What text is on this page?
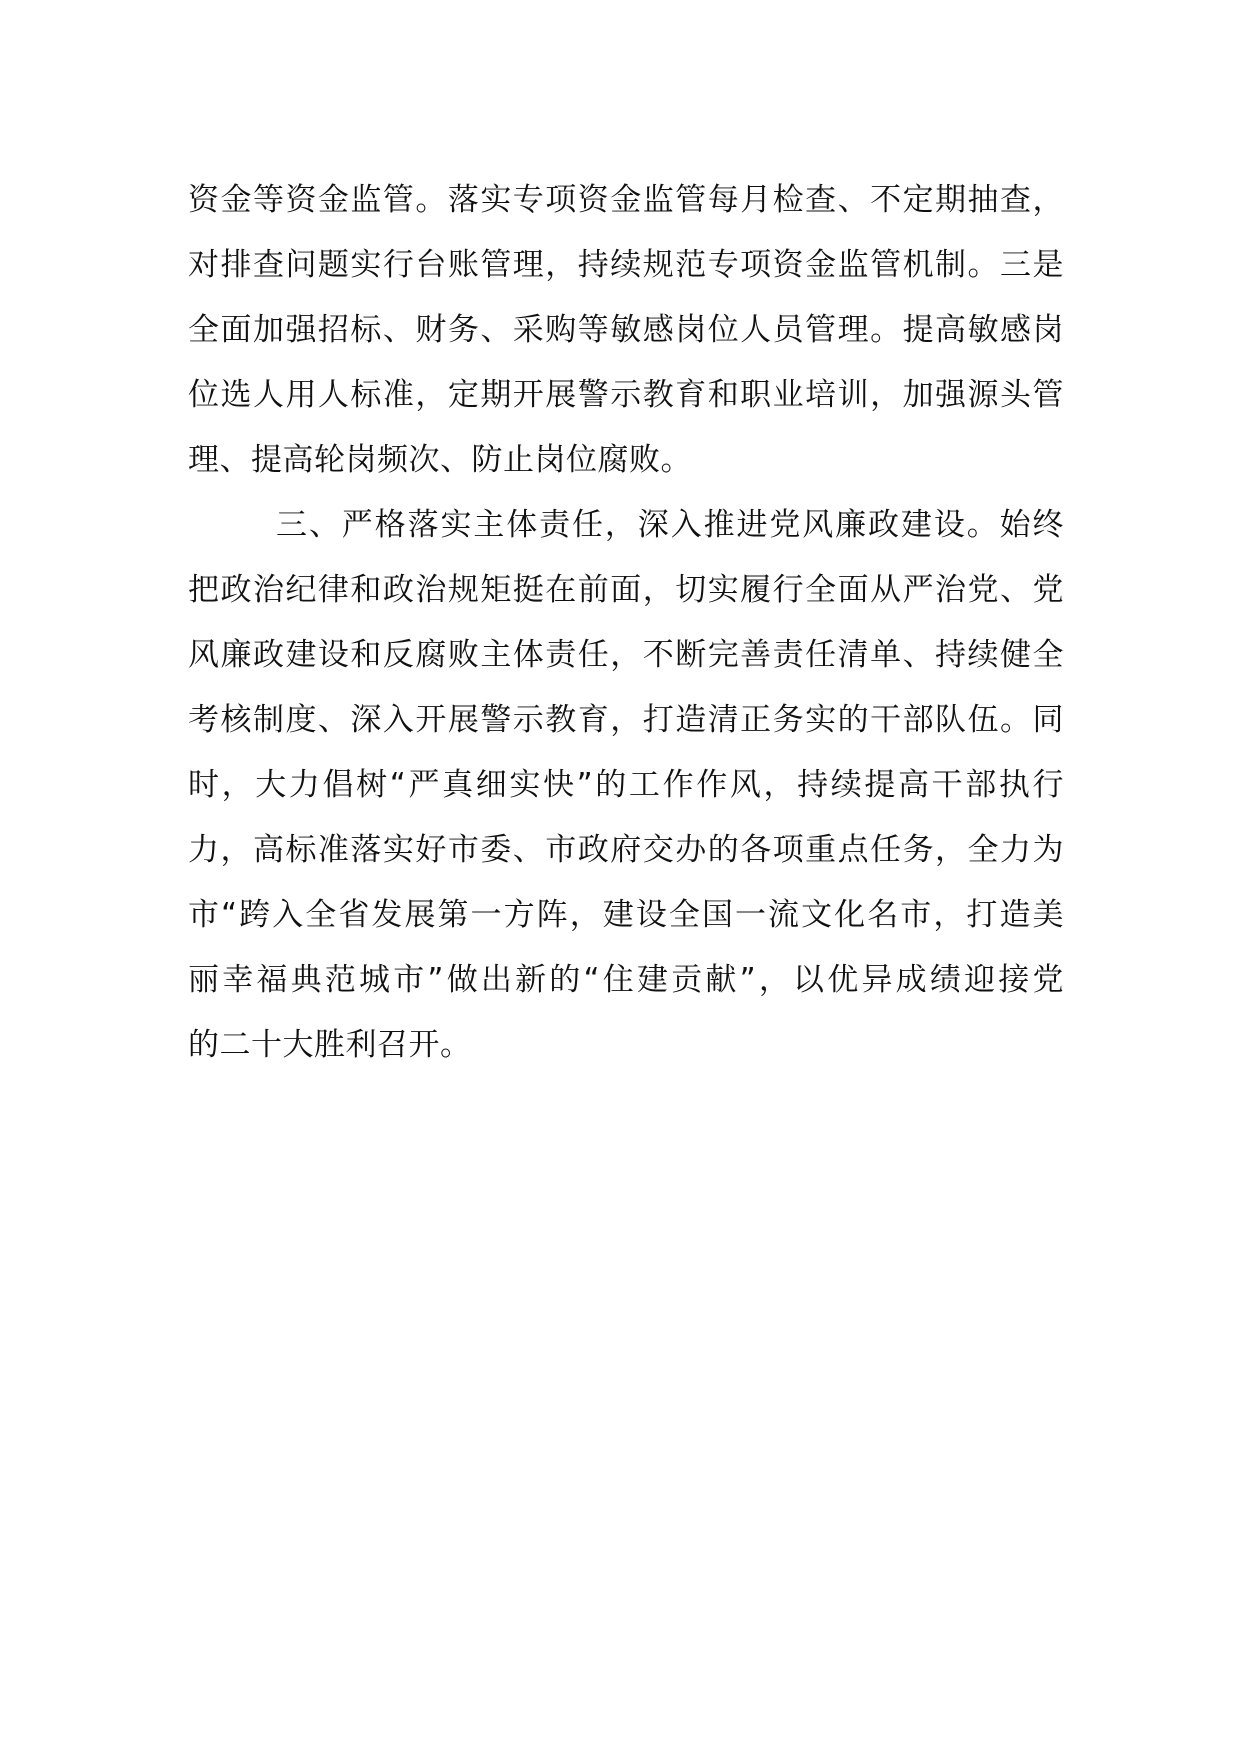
资金等资金监管。落实专项资金监管每月检查、不定期抽查，
对排查问题实行台账管理，持续规范专项资金监管机制。三是
全面加强招标、财务、采购等敏感岗位人员管理。提高敏感岗
位选人用人标准，定期开展警示教育和职业培训，加强源头管
理、提高轮岗频次、防止岗位腐败。
三、严格落实主体责任，深入推进党风廉政建设。始终
把政治纪律和政治规矩挺在前面，切实履行全面从严治党、党
风廉政建设和反腐败主体责任，不断完善责任清单、持续健全
考核制度、深入开展警示教育，打造清正务实的干部队伍。同
时，大力倡树“严真细实快”的工作作风，持续提高干部执行
力，高标准落实好市委、市政府交办的各项重点任务，全力为
市“跨入全省发展第一方阵，建设全国一流文化名市，打造美
丽幸福典范城市”做出新的“住建贡献”，以优异成绩迎接党
的二十大胜利召开。
